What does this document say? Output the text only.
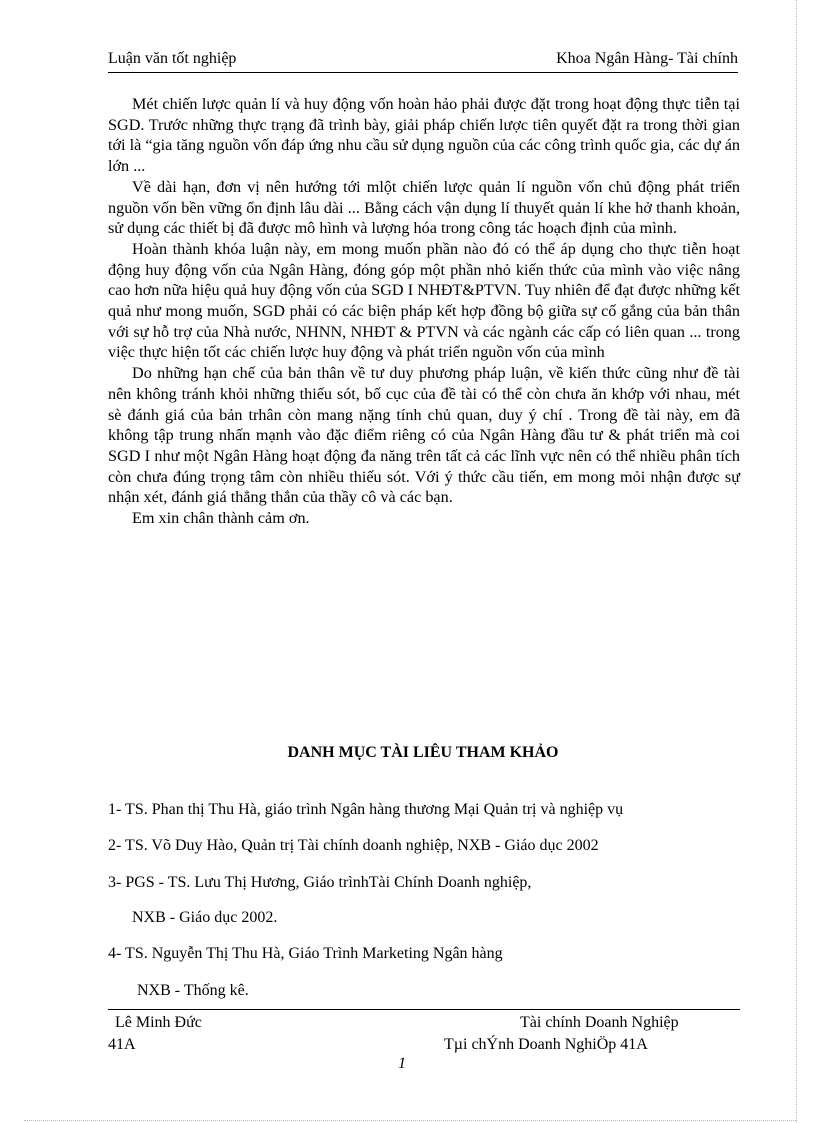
Luận văn tốt nghiệp	Khoa Ngân Hàng- Tài chính

Mét chiến lược quản lí và huy động vốn hoàn hảo phải được đặt trong hoạt động thực tiễn tại SGD. Trước những thực trạng đã trình bày, giải pháp chiến lược tiên quyết đặt ra trong thời gian tới là “gia tăng nguồn vốn đáp ứng nhu cầu sử dụng nguồn của các công trình quốc gia, các dự án lớn ...

Về dài hạn, đơn vị nên hướng tới mlột chiến lược quản lí nguồn vốn chủ động phát triển nguồn vốn bền vững ổn định lâu dài ... Bằng cách vận dụng lí thuyết quản lí khe hở thanh khoản, sử dụng các thiết bị đã được mô hình và lượng hóa trong công tác hoạch định của mình.

Hoàn thành khóa luận này, em mong muốn phần nào đó có thể áp dụng cho thực tiễn hoạt động huy động vốn của Ngân Hàng, đóng góp một phần nhỏ kiến thức của mình vào việc nâng cao hơn nữa hiệu quả huy động vốn của SGD I NHĐT&PTVN. Tuy nhiên để đạt được những kết quả như mong muốn, SGD phải có các biện pháp kết hợp đồng bộ giữa sự cố gắng của bản thân với sự hỗ trợ của Nhà nước, NHNN, NHĐT & PTVN và các ngành các cấp có liên quan ... trong việc thực hiện tốt các chiến lược huy động và phát triển nguồn vốn của mình

Do những hạn chế của bản thân về tư duy phương pháp luận, về kiến thức cũng như đề tài nên không tránh khỏi những thiếu sót, bố cục của đề tài có thể còn chưa ăn khớp với nhau, mét sè đánh giá của bản trhân còn mang nặng tính chủ quan, duy ý chí . Trong đề tài này, em đã không tập trung nhấn mạnh vào đặc điểm riêng có của Ngân Hàng đầu tư & phát triển mà coi SGD I như một Ngân Hàng hoạt động đa năng trên tất cả các lĩnh vực nên có thể nhiều phân tích còn chưa đúng trọng tâm còn nhiều thiếu sót. Với ý thức cầu tiến, em mong mỏi nhận được sự nhận xét, đánh giá thẳng thắn của thầy cô và các bạn.

Em xin chân thành cảm ơn.

DANH MỤC TÀI LIÊU THAM KHẢO
1- TS. Phan thị Thu Hà, giáo trình Ngân hàng thương Mại Quản trị và nghiệp vụ
2- TS. Võ Duy Hào, Quản trị Tài chính doanh nghiệp, NXB - Giáo dục 2002
3- PGS - TS. Lưu Thị Hương, Giáo trìnhTài Chính Doanh nghiệp,
NXB - Giáo dục 2002.
4- TS. Nguyễn Thị Thu Hà, Giáo Trình Marketing Ngân hàng
NXB - Thống kê.
Lê Minh Đức
41A
Tài chính Doanh Nghiệp
Tµi chÝnh Doanh NghiÖp 41A
1
